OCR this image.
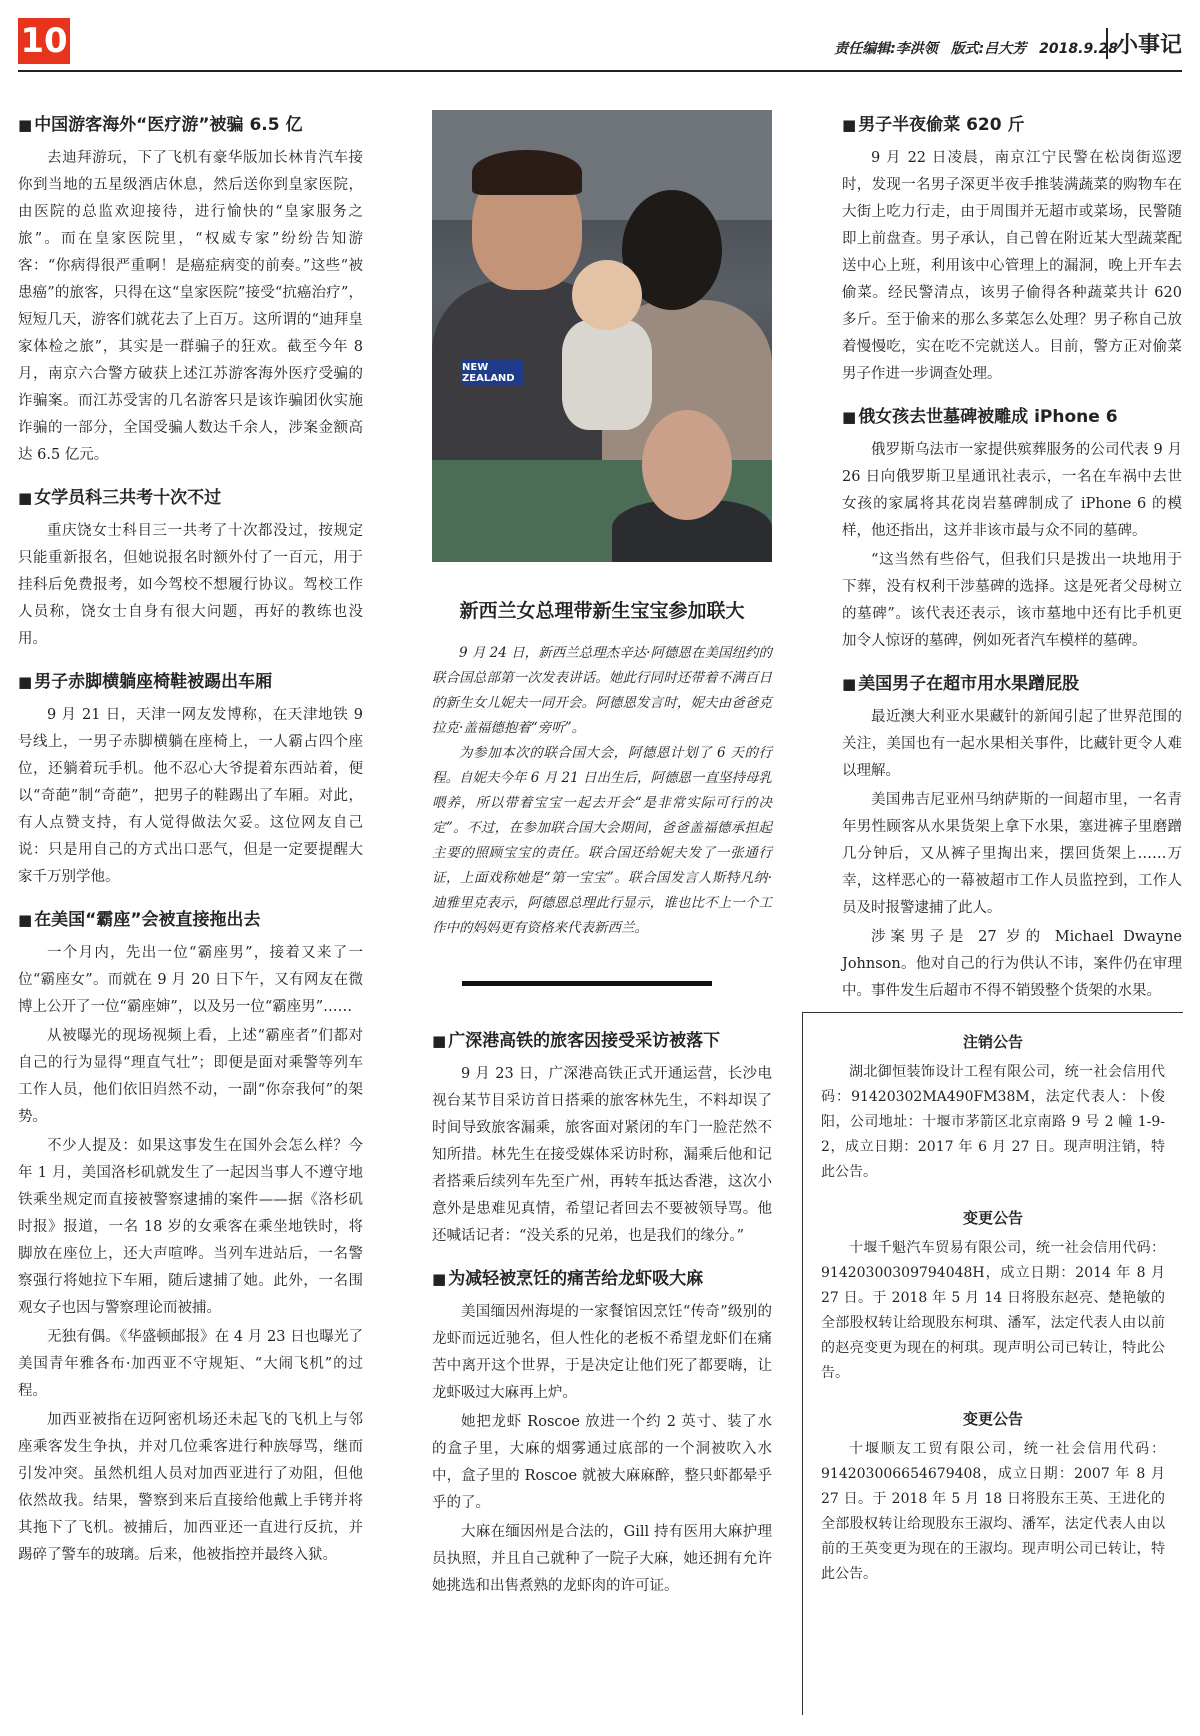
10	责任编辑:李洪领 版式:吕大芳 2018.9.28
小事记
■ 中国游客海外“医疗游”被骗 6.5 亿

去迪拜游玩，下了飞机有豪华版加长林肯汽车接你到当地的五星级酒店休息，然后送你到皇家医院，由医院的总监欢迎接待，进行愉快的“皇家服务之旅”。而在皇家医院里，“权威专家”纷纷告知游客：“你病得很严重啊！是癌症病变的前奏。”这些“被患癌”的旅客，只得在这“皇家医院”接受“抗癌治疗”，短短几天，游客们就花去了上百万。这所谓的“迪拜皇家体检之旅”，其实是一群骗子的狂欢。截至今年 8 月，南京六合警方破获上述江苏游客海外医疗受骗的诈骗案。而江苏受害的几名游客只是该诈骗团伙实施诈骗的一部分，全国受骗人数达千余人，涉案金额高达 6.5 亿元。

■ 女学员科三共考十次不过

重庆饶女士科目三一共考了十次都没过，按规定只能重新报名，但她说报名时额外付了一百元，用于挂科后免费报考，如今驾校不想履行协议。驾校工作人员称，饶女士自身有很大问题，再好的教练也没用。

■ 男子赤脚横躺座椅鞋被踢出车厢

9 月 21 日，天津一网友发博称，在天津地铁 9 号线上，一男子赤脚横躺在座椅上，一人霸占四个座位，还躺着玩手机。他不忍心大爷提着东西站着，便以“奇葩”制“奇葩”，把男子的鞋踢出了车厢。对此，有人点赞支持，有人觉得做法欠妥。这位网友自己说：只是用自己的方式出口恶气，但是一定要提醒大家千万别学他。

■ 在美国“霸座”会被直接拖出去

一个月内，先出一位“霸座男”，接着又来了一位“霸座女”。而就在 9 月 20 日下午，又有网友在微博上公开了一位“霸座婶”，以及另一位“霸座男”……

从被曝光的现场视频上看，上述“霸座者”们都对自己的行为显得“理直气壮”；即便是面对乘警等列车工作人员，他们依旧岿然不动，一副“你奈我何”的架势。

不少人提及：如果这事发生在国外会怎么样？今年 1 月，美国洛杉矶就发生了一起因当事人不遵守地铁乘坐规定而直接被警察逮捕的案件——据《洛杉矶时报》报道，一名 18 岁的女乘客在乘坐地铁时，将脚放在座位上，还大声喧哗。当列车进站后，一名警察强行将她拉下车厢，随后逮捕了她。此外，一名围观女子也因与警察理论而被捕。

无独有偶。《华盛顿邮报》在 4 月 23 日也曝光了美国青年雅各布·加西亚不守规矩、“大闹飞机”的过程。

加西亚被指在迈阿密机场还未起飞的飞机上与邻座乘客发生争执，并对几位乘客进行种族辱骂，继而引发冲突。虽然机组人员对加西亚进行了劝阻，但他依然故我。结果，警察到来后直接给他戴上手铐并将其拖下了飞机。被捕后，加西亚还一直进行反抗，并踢碎了警车的玻璃。后来，他被指控并最终入狱。

NEW ZEALAND
新西兰女总理带新生宝宝参加联大

9 月 24 日，新西兰总理杰辛达·阿德恩在美国纽约的联合国总部第一次发表讲话。她此行同时还带着不满百日的新生女儿妮夫一同开会。阿德恩发言时，妮夫由爸爸克拉克·盖福德抱着“旁听”。

为参加本次的联合国大会，阿德恩计划了 6 天的行程。自妮夫今年 6 月 21 日出生后，阿德恩一直坚持母乳喂养，所以带着宝宝一起去开会“是非常实际可行的决定”。不过，在参加联合国大会期间，爸爸盖福德承担起主要的照顾宝宝的责任。联合国还给妮夫发了一张通行证，上面戏称她是“第一宝宝”。联合国发言人斯特凡纳·迪雅里克表示，阿德恩总理此行显示，谁也比不上一个工作中的妈妈更有资格来代表新西兰。

■ 广深港高铁的旅客因接受采访被落下

9 月 23 日，广深港高铁正式开通运营，长沙电视台某节目采访首日搭乘的旅客林先生，不料却误了时间导致旅客漏乘，旅客面对紧闭的车门一脸茫然不知所措。林先生在接受媒体采访时称，漏乘后他和记者搭乘后续列车先至广州，再转车抵达香港，这次小意外是患难见真情，希望记者回去不要被领导骂。他还喊话记者：“没关系的兄弟，也是我们的缘分。”

■ 为减轻被烹饪的痛苦给龙虾吸大麻

美国缅因州海堤的一家餐馆因烹饪“传奇”级别的龙虾而远近驰名，但人性化的老板不希望龙虾们在痛苦中离开这个世界，于是决定让他们死了都要嗨，让龙虾吸过大麻再上炉。

她把龙虾 Roscoe 放进一个约 2 英寸、装了水的盒子里，大麻的烟雾通过底部的一个洞被吹入水中，盒子里的 Roscoe 就被大麻麻醉，整只虾都晕乎乎的了。

大麻在缅因州是合法的，Gill 持有医用大麻护理员执照，并且自己就种了一院子大麻，她还拥有允许她挑选和出售煮熟的龙虾肉的许可证。

■ 男子半夜偷菜 620 斤

9 月 22 日凌晨，南京江宁民警在松岗街巡逻时，发现一名男子深更半夜手推装满蔬菜的购物车在大街上吃力行走，由于周围并无超市或菜场，民警随即上前盘查。男子承认，自己曾在附近某大型蔬菜配送中心上班，利用该中心管理上的漏洞，晚上开车去偷菜。经民警清点，该男子偷得各种蔬菜共计 620 多斤。至于偷来的那么多菜怎么处理？男子称自己放着慢慢吃，实在吃不完就送人。目前，警方正对偷菜男子作进一步调查处理。

■ 俄女孩去世墓碑被雕成 iPhone 6

俄罗斯乌法市一家提供殡葬服务的公司代表 9 月 26 日向俄罗斯卫星通讯社表示，一名在车祸中去世女孩的家属将其花岗岩墓碑制成了 iPhone 6 的模样，他还指出，这并非该市最与众不同的墓碑。

“这当然有些俗气，但我们只是拨出一块地用于下葬，没有权利干涉墓碑的选择。这是死者父母树立的墓碑”。该代表还表示，该市墓地中还有比手机更加令人惊讶的墓碑，例如死者汽车模样的墓碑。

■ 美国男子在超市用水果蹭屁股

最近澳大利亚水果藏针的新闻引起了世界范围的关注，美国也有一起水果相关事件，比藏针更令人难以理解。

美国弗吉尼亚州马纳萨斯的一间超市里，一名青年男性顾客从水果货架上拿下水果，塞进裤子里磨蹭几分钟后，又从裤子里掏出来，摆回货架上……万幸，这样恶心的一幕被超市工作人员监控到，工作人员及时报警逮捕了此人。

涉案男子是 27 岁的 Michael Dwayne Johnson。他对自己的行为供认不讳，案件仍在审理中。事件发生后超市不得不销毁整个货架的水果。

注销公告

湖北御恒装饰设计工程有限公司，统一社会信用代码：91420302MA490FM38M，法定代表人：卜俊阳，公司地址：十堰市茅箭区北京南路 9 号 2 幢 1-9-2，成立日期：2017 年 6 月 27 日。现声明注销，特此公告。

变更公告

十堰千魁汽车贸易有限公司，统一社会信用代码：91420300309794048H，成立日期：2014 年 8 月 27 日。于 2018 年 5 月 14 日将股东赵亮、楚艳敏的全部股权转让给现股东柯琪、潘军，法定代表人由以前的赵亮变更为现在的柯琪。现声明公司已转让，特此公告。

变更公告

十堰顺友工贸有限公司，统一社会信用代码：914203006654679408，成立日期：2007 年 8 月 27 日。于 2018 年 5 月 18 日将股东王英、王进化的全部股权转让给现股东王淑均、潘军，法定代表人由以前的王英变更为现在的王淑均。现声明公司已转让，特此公告。
